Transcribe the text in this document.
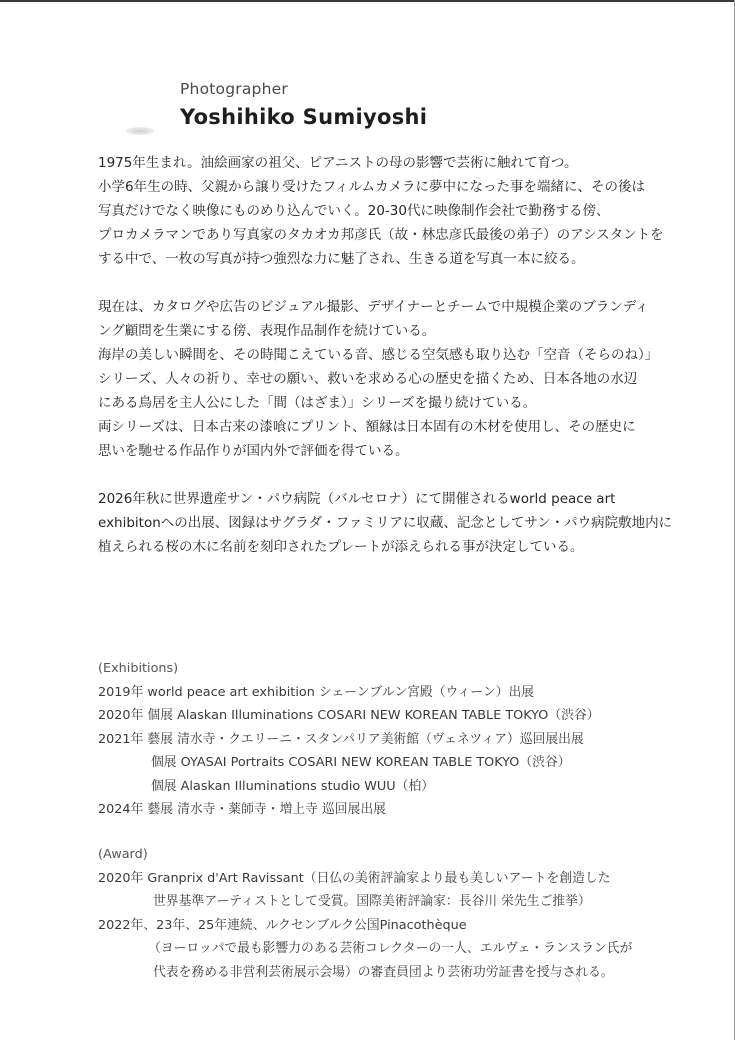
Photographer
Yoshihiko Sumiyoshi

1975年生まれ。油絵画家の祖父、ピアニストの母の影響で芸術に触れて育つ。

小学6年生の時、父親から譲り受けたフィルムカメラに夢中になった事を端緒に、その後は

写真だけでなく映像にものめり込んでいく。20-30代に映像制作会社で勤務する傍、

プロカメラマンであり写真家のタカオカ邦彦氏（故・林忠彦氏最後の弟子）のアシスタントを

する中で、一枚の写真が持つ強烈な力に魅了され、生きる道を写真一本に絞る。

現在は、カタログや広告のビジュアル撮影、デザイナーとチームで中規模企業のブランディ

ング顧問を生業にする傍、表現作品制作を続けている。

海岸の美しい瞬間を、その時聞こえている音、感じる空気感も取り込む「空音（そらのね）」

シリーズ、人々の祈り、幸せの願い、救いを求める心の歴史を描くため、日本各地の水辺

にある鳥居を主人公にした「間（はざま）」シリーズを撮り続けている。

両シリーズは、日本古来の漆喰にプリント、額縁は日本固有の木材を使用し、その歴史に

思いを馳せる作品作りが国内外で評価を得ている。

2026年秋に世界遺産サン・パウ病院（バルセロナ）にて開催されるworld peace art

exhibitonへの出展、図録はサグラダ・ファミリアに収蔵、記念としてサン・パウ病院敷地内に

植えられる桜の木に名前を刻印されたプレートが添えられる事が決定している。

(Exhibitions)
2019年 world peace art exhibition シェーンブルン宮殿（ウィーン）出展
2020年 個展 Alaskan Illuminations COSARI NEW KOREAN TABLE TOKYO（渋谷）
2021年 藝展 清水寺・クエリーニ・スタンパリア美術館（ヴェネツィア）巡回展出展
個展 OYASAI Portraits COSARI NEW KOREAN TABLE TOKYO（渋谷）
個展 Alaskan Illuminations studio WUU（柏）
2024年 藝展 清水寺・薬師寺・増上寺 巡回展出展
(Award)
2020年 Granprix d'Art Ravissant（日仏の美術評論家より最も美しいアートを創造した
世界基準アーティストとして受賞。国際美術評論家：長谷川 栄先生ご推挙）
2022年、23年、25年連続、ルクセンブルク公国Pinacothèque
（ヨーロッパで最も影響力のある芸術コレクターの一人、エルヴェ・ランスラン氏が
代表を務める非営利芸術展示会場）の審査員団より芸術功労証書を授与される。
